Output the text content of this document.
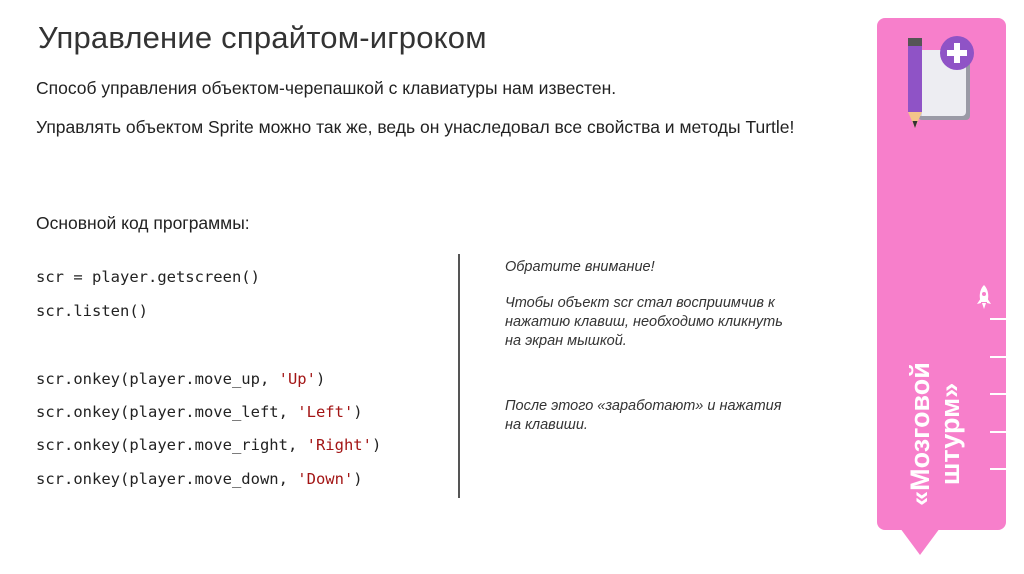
Управление спрайтом-игроком
Способ управления объектом-черепашкой с клавиатуры нам известен.
Управлять объектом Sprite можно так же, ведь он унаследовал все свойства и методы Turtle!
Основной код программы:
scr = player.getscreen()
scr.listen()
scr.onkey(player.move_up, 'Up')
scr.onkey(player.move_left, 'Left')
scr.onkey(player.move_right, 'Right')
scr.onkey(player.move_down, 'Down')
Обратите внимание!
Чтобы объект scr стал восприимчив к нажатию клавиш, необходимо кликнуть на экран мышкой.
После этого «заработают» и нажатия на клавиши.	«Мозговой штурм»
